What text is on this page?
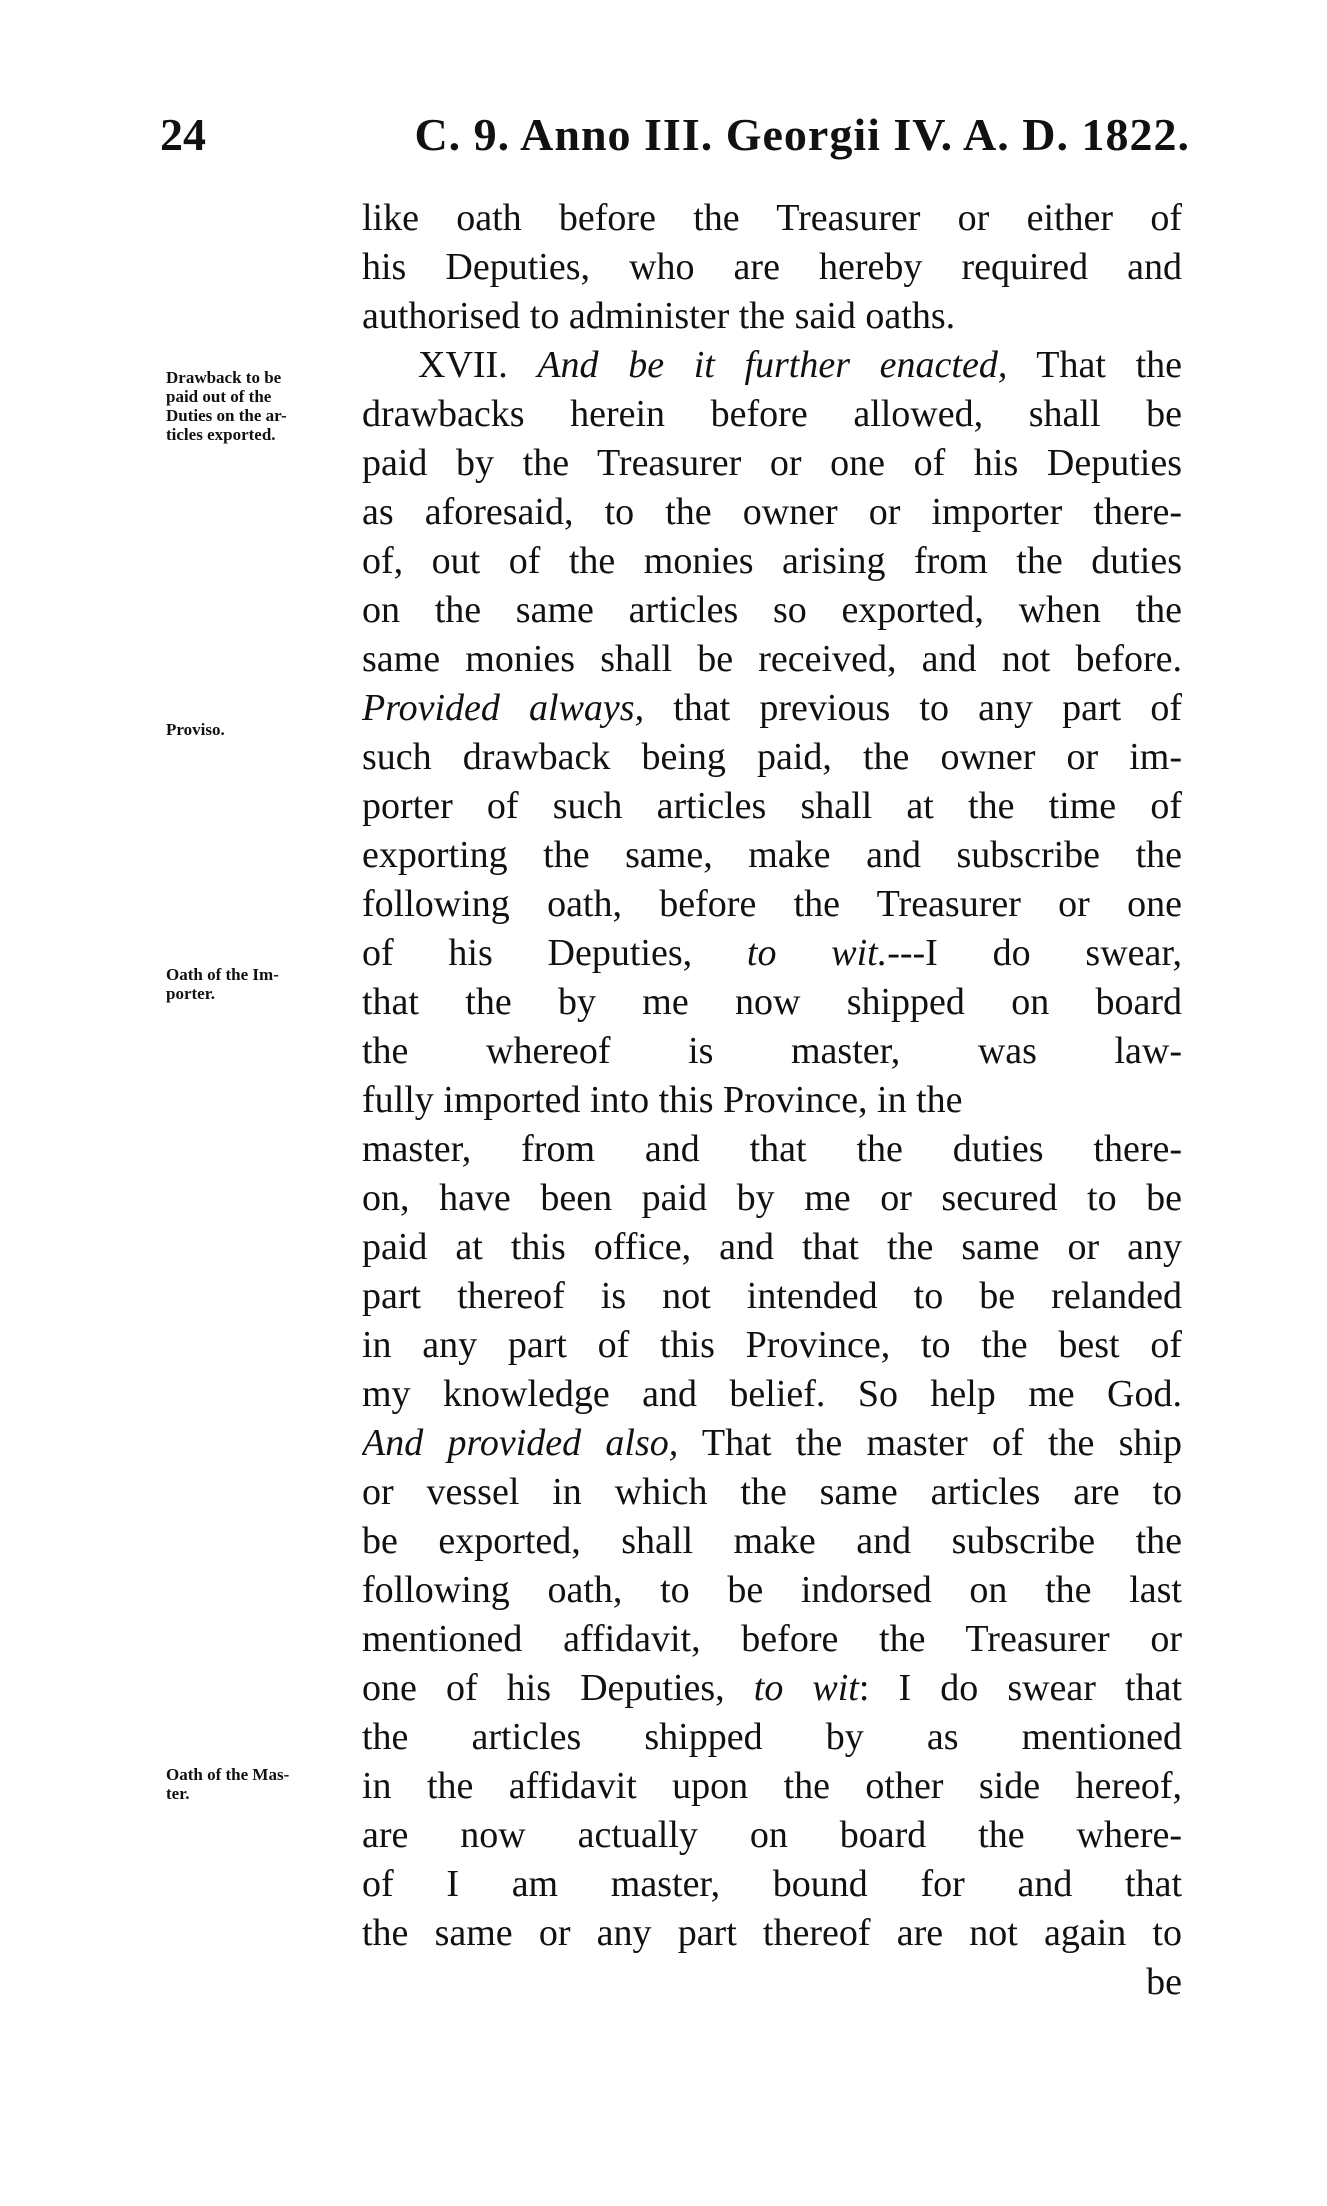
24	C. 9. Anno III. Georgii IV. A. D. 1822.
Drawback to be
paid out of the
Duties on the ar-
ticles exported.
Proviso.
Oath of the Im-
porter.
Oath of the Mas-
ter.
like oath before the Treasurer or either of
his Deputies, who are hereby required and
authorised to administer the said oaths.
XVII. And be it further enacted, That the
drawbacks herein before allowed, shall be
paid by the Treasurer or one of his Deputies
as aforesaid, to the owner or importer there-
of, out of the monies arising from the duties
on the same articles so exported, when the
same monies shall be received, and not before.
Provided always, that previous to any part of
such drawback being paid, the owner or im-
porter of such articles shall at the time of
exporting the same, make and subscribe the
following oath, before the Treasurer or one
of his Deputies, to wit.---I do swear,
that the by me now shipped on board
the whereof is master, was law-
fully imported into this Province, in the
master, from and that the duties there-
on, have been paid by me or secured to be
paid at this office, and that the same or any
part thereof is not intended to be relanded
in any part of this Province, to the best of
my knowledge and belief. So help me God.
And provided also, That the master of the ship
or vessel in which the same articles are to
be exported, shall make and subscribe the
following oath, to be indorsed on the last
mentioned affidavit, before the Treasurer or
one of his Deputies, to wit: I do swear that
the articles shipped by as mentioned
in the affidavit upon the other side hereof,
are now actually on board the where-
of I am master, bound for and that
the same or any part thereof are not again to
be
